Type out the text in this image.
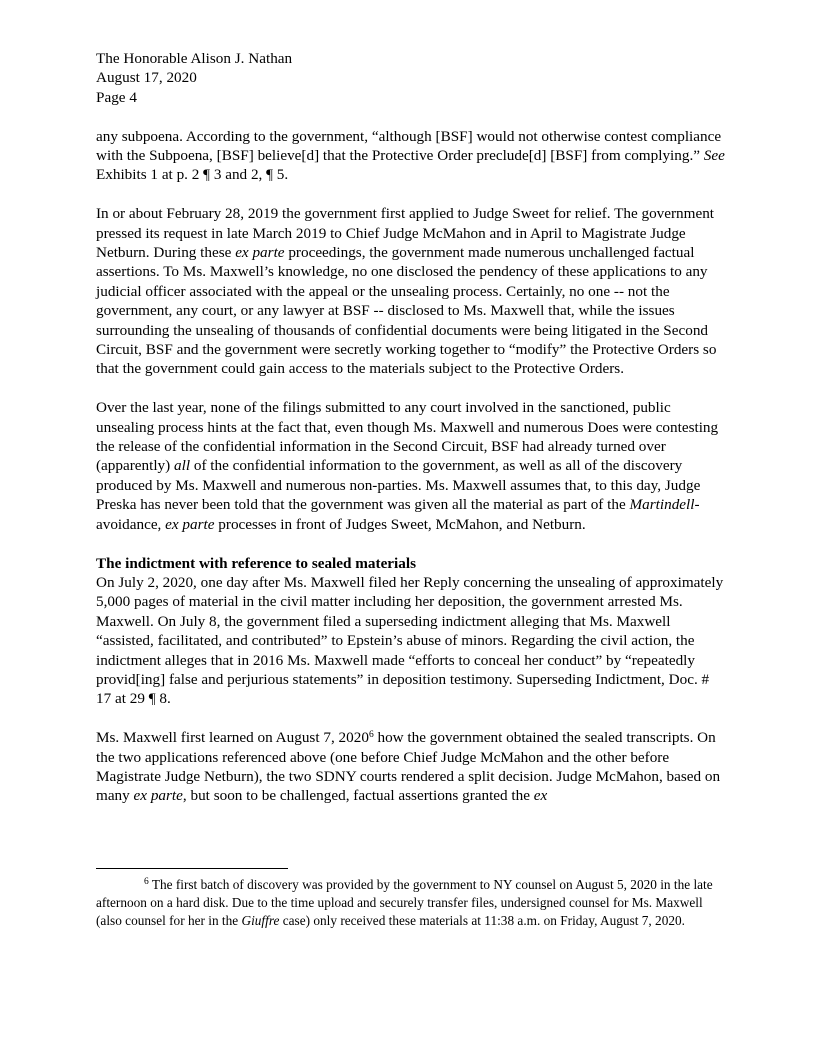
The Honorable Alison J. Nathan
August 17, 2020
Page 4

any subpoena. According to the government, “although [BSF] would not otherwise contest compliance with the Subpoena, [BSF] believe[d] that the Protective Order preclude[d] [BSF] from complying.” See Exhibits 1 at p. 2 ¶ 3 and 2, ¶ 5.

In or about February 28, 2019 the government first applied to Judge Sweet for relief. The government pressed its request in late March 2019 to Chief Judge McMahon and in April to Magistrate Judge Netburn. During these ex parte proceedings, the government made numerous unchallenged factual assertions. To Ms. Maxwell’s knowledge, no one disclosed the pendency of these applications to any judicial officer associated with the appeal or the unsealing process. Certainly, no one -- not the government, any court, or any lawyer at BSF -- disclosed to Ms. Maxwell that, while the issues surrounding the unsealing of thousands of confidential documents were being litigated in the Second Circuit, BSF and the government were secretly working together to “modify” the Protective Orders so that the government could gain access to the materials subject to the Protective Orders.

Over the last year, none of the filings submitted to any court involved in the sanctioned, public unsealing process hints at the fact that, even though Ms. Maxwell and numerous Does were contesting the release of the confidential information in the Second Circuit, BSF had already turned over (apparently) all of the confidential information to the government, as well as all of the discovery produced by Ms. Maxwell and numerous non-parties. Ms. Maxwell assumes that, to this day, Judge Preska has never been told that the government was given all the material as part of the Martindell-avoidance, ex parte processes in front of Judges Sweet, McMahon, and Netburn.

The indictment with reference to sealed materials

On July 2, 2020, one day after Ms. Maxwell filed her Reply concerning the unsealing of approximately 5,000 pages of material in the civil matter including her deposition, the government arrested Ms. Maxwell. On July 8, the government filed a superseding indictment alleging that Ms. Maxwell “assisted, facilitated, and contributed” to Epstein’s abuse of minors. Regarding the civil action, the indictment alleges that in 2016 Ms. Maxwell made “efforts to conceal her conduct” by “repeatedly provid[ing] false and perjurious statements” in deposition testimony. Superseding Indictment, Doc. # 17 at 29 ¶ 8.

Ms. Maxwell first learned on August 7, 2020$^6$ how the government obtained the sealed transcripts. On the two applications referenced above (one before Chief Judge McMahon and the other before Magistrate Judge Netburn), the two SDNY courts rendered a split decision. Judge McMahon, based on many ex parte, but soon to be challenged, factual assertions granted the ex

$^6$ The first batch of discovery was provided by the government to NY counsel on August 5, 2020 in the late afternoon on a hard disk. Due to the time upload and securely transfer files, undersigned counsel for Ms. Maxwell (also counsel for her in the Giuffre case) only received these materials at 11:38 a.m. on Friday, August 7, 2020.
